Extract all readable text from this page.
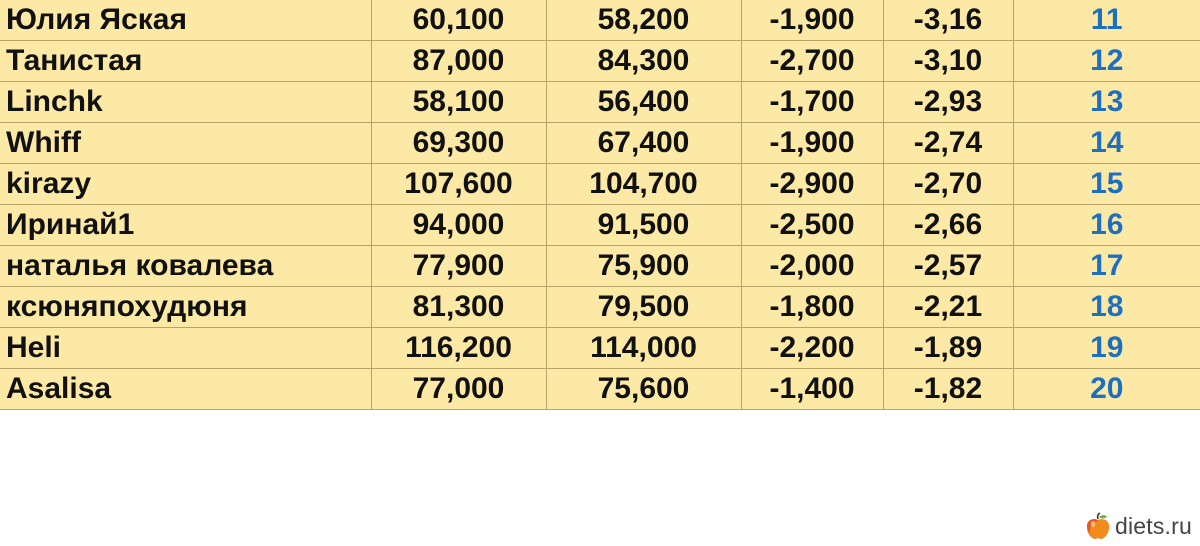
Юлия Яская	60,100	58,200	-1,900	-3,16	11
Танистая	87,000	84,300	-2,700	-3,10	12
Linchk	58,100	56,400	-1,700	-2,93	13
Whiff	69,300	67,400	-1,900	-2,74	14
kirazy	107,600	104,700	-2,900	-2,70	15
Иринай1	94,000	91,500	-2,500	-2,66	16
наталья ковалева	77,900	75,900	-2,000	-2,57	17
ксюняпохудюня	81,300	79,500	-1,800	-2,21	18
Heli	116,200	114,000	-2,200	-1,89	19
Asalisa	77,000	75,600	-1,400	-1,82	20
diets.ru
